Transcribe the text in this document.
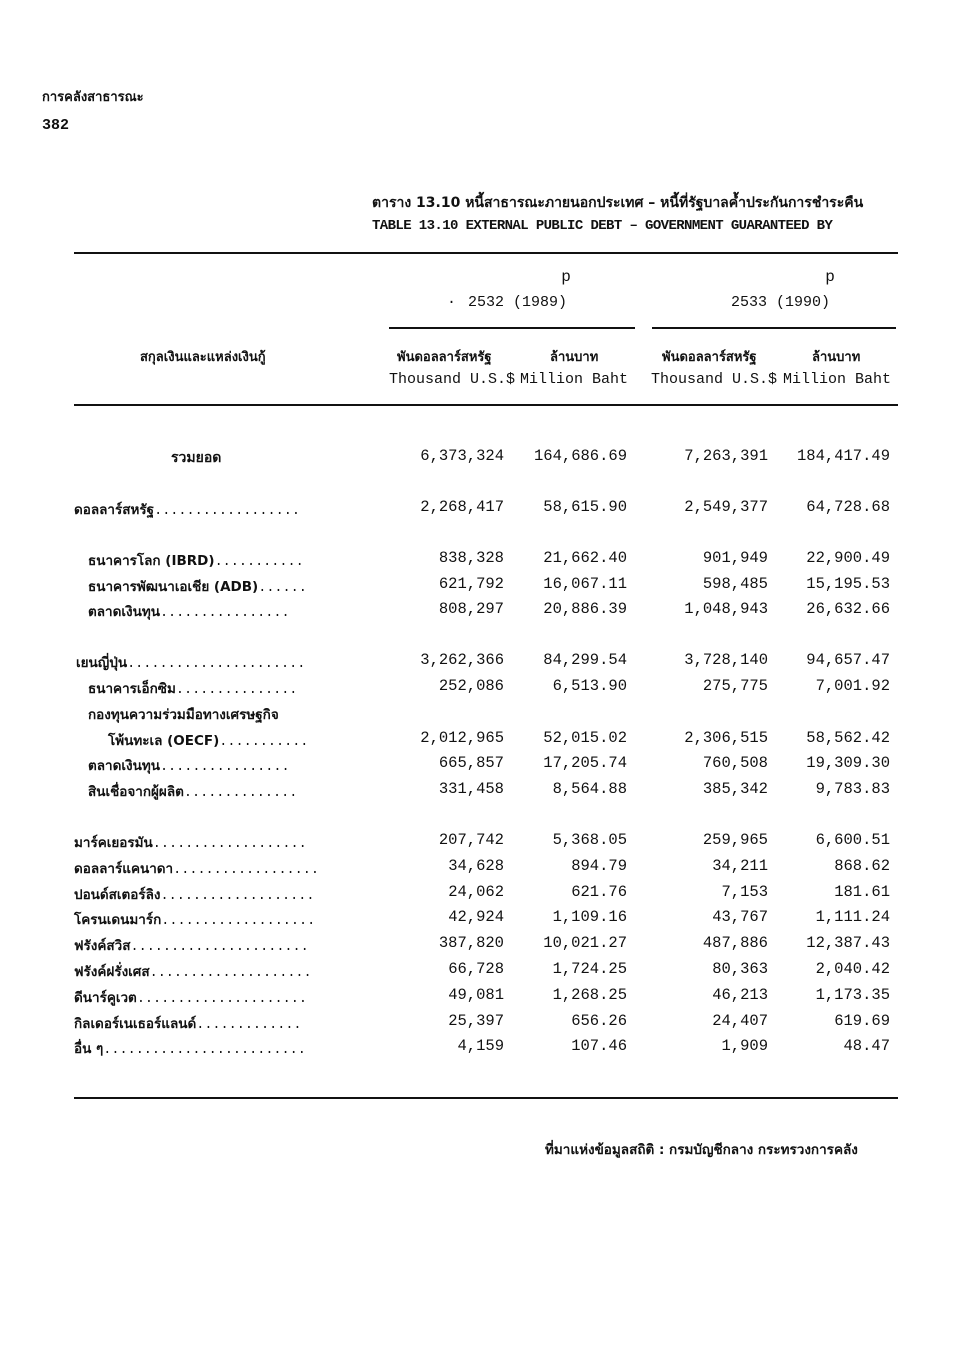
การคลังสาธารณะ
382
ตาราง 13.10 หนี้สาธารณะภายนอกประเทศ – หนี้ที่รัฐบาลค้ำประกันการชำระคืน
TABLE 13.10 EXTERNAL PUBLIC DEBT – GOVERNMENT GUARANTEED BY
p	p
· 2532 (1989)	2533 (1990)
สกุลเงินและแหล่งเงินกู้	พันดอลลาร์สหรัฐ	ล้านบาท	พันดอลลาร์สหรัฐ	ล้านบาท
Thousand U.S.$ Million Baht Thousand U.S.$ Million Baht
รวมยอด	6,373,324 164,686.69	7,263,391 184,417.49
ดอลลาร์สหรัฐ..................	2,268,417	58,615.90	2,549,377 64,728.68
ธนาคารโลก (IBRD)...........	838,328	21,662.40	901,949 22,900.49
ธนาคารพัฒนาเอเชีย (ADB)......	621,792	16,067.11	598,485 15,195.53
ตลาดเงินทุน................	808,297	20,886.39	1,048,943 26,632.66
เยนญี่ปุ่น......................	3,262,366	84,299.54	3,728,140 94,657.47
ธนาคารเอ็กซิม...............	252,086	6,513.90	275,775	7,001.92
กองทุนความร่วมมือทางเศรษฐกิจ
โพ้นทะเล (OECF)...........	2,012,965	52,015.02	2,306,515 58,562.42
ตลาดเงินทุน................	665,857	17,205.74	760,508 19,309.30
สินเชื่อจากผู้ผลิต..............	331,458	8,564.88	385,342	9,783.83
มาร์คเยอรมัน...................	207,742	5,368.05	259,965	6,600.51
ดอลลาร์แคนาดา..................	34,628	894.79	34,211	868.62
ปอนด์สเตอร์ลิง...................	24,062	621.76	7,153	181.61
โครนเดนมาร์ก...................	42,924	1,109.16	43,767	1,111.24
ฟรังค์สวิส......................	387,820	10,021.27	487,886 12,387.43
ฟรังค์ฝรั่งเศส....................	66,728	1,724.25	80,363	2,040.42
ดีนาร์คูเวต.....................	49,081	1,268.25	46,213	1,173.35
กิลเดอร์เนเธอร์แลนด์.............	25,397	656.26	24,407	619.69
อื่น ๆ.........................	4,159	107.46	1,909	48.47
ที่มาแห่งข้อมูลสถิติ : กรมบัญชีกลาง กระทรวงการคลัง
